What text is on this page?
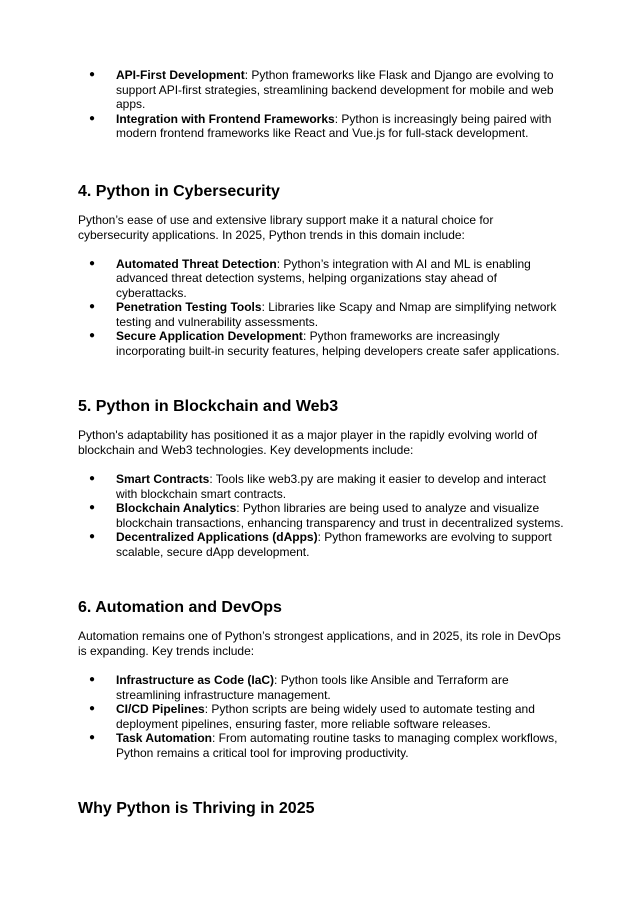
● API-First Development: Python frameworks like Flask and Django are evolving to support API-first strategies, streamlining backend development for mobile and web apps.
● Integration with Frontend Frameworks: Python is increasingly being paired with modern frontend frameworks like React and Vue.js for full-stack development.
4. Python in Cybersecurity

Python’s ease of use and extensive library support make it a natural choice for cybersecurity applications. In 2025, Python trends in this domain include:

● Automated Threat Detection: Python’s integration with AI and ML is enabling advanced threat detection systems, helping organizations stay ahead of cyberattacks.
● Penetration Testing Tools: Libraries like Scapy and Nmap are simplifying network testing and vulnerability assessments.
● Secure Application Development: Python frameworks are increasingly incorporating built-in security features, helping developers create safer applications.
5. Python in Blockchain and Web3

Python's adaptability has positioned it as a major player in the rapidly evolving world of blockchain and Web3 technologies. Key developments include:

● Smart Contracts: Tools like web3.py are making it easier to develop and interact with blockchain smart contracts.
● Blockchain Analytics: Python libraries are being used to analyze and visualize blockchain transactions, enhancing transparency and trust in decentralized systems.
● Decentralized Applications (dApps): Python frameworks are evolving to support scalable, secure dApp development.
6. Automation and DevOps

Automation remains one of Python’s strongest applications, and in 2025, its role in DevOps is expanding. Key trends include:

● Infrastructure as Code (IaC): Python tools like Ansible and Terraform are streamlining infrastructure management.
● CI/CD Pipelines: Python scripts are being widely used to automate testing and deployment pipelines, ensuring faster, more reliable software releases.
● Task Automation: From automating routine tasks to managing complex workflows, Python remains a critical tool for improving productivity.
Why Python is Thriving in 2025
